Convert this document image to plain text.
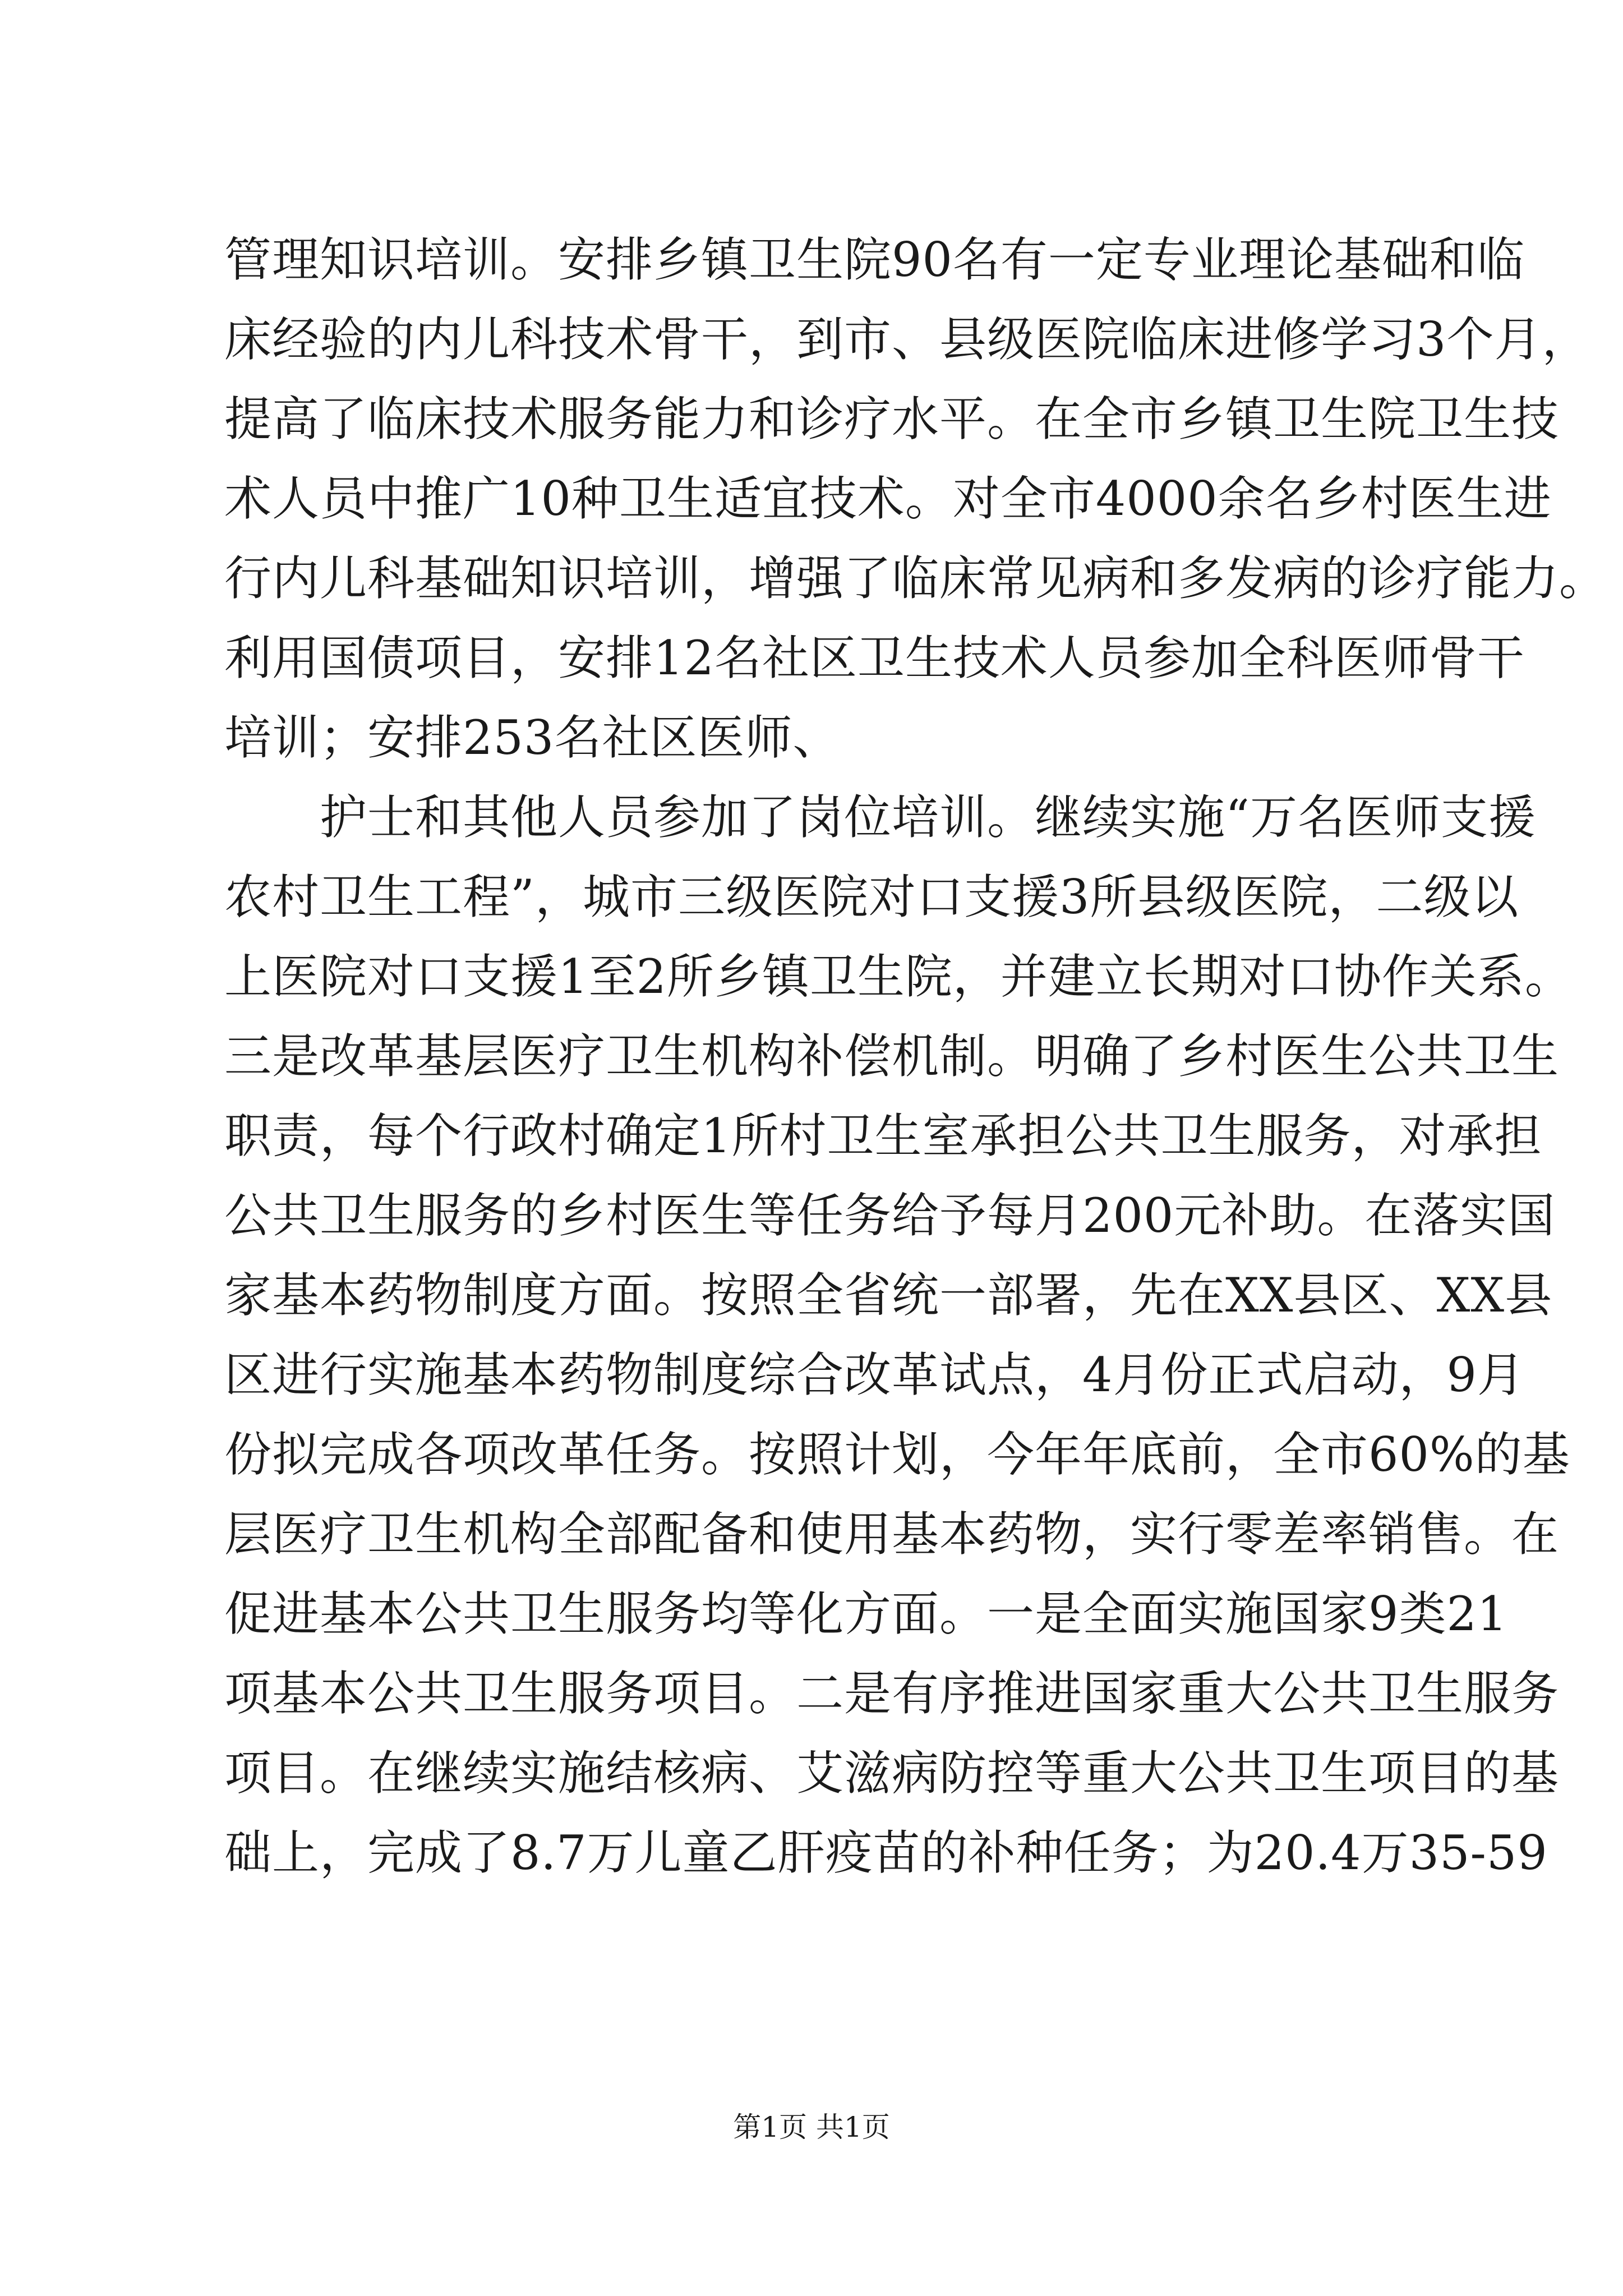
管理知识培训。安排乡镇卫生院90名有一定专业理论基础和临
床经验的内儿科技术骨干，到市、县级医院临床进修学习3个月，
提高了临床技术服务能力和诊疗水平。在全市乡镇卫生院卫生技
术人员中推广10种卫生适宜技术。对全市4000余名乡村医生进
行内儿科基础知识培训，增强了临床常见病和多发病的诊疗能力。
利用国债项目，安排12名社区卫生技术人员参加全科医师骨干
培训；安排253名社区医师、
护士和其他人员参加了岗位培训。继续实施“万名医师支援
农村卫生工程”，城市三级医院对口支援3所县级医院，二级以
上医院对口支援1至2所乡镇卫生院，并建立长期对口协作关系。
三是改革基层医疗卫生机构补偿机制。明确了乡村医生公共卫生
职责，每个行政村确定1所村卫生室承担公共卫生服务，对承担
公共卫生服务的乡村医生等任务给予每月200元补助。在落实国
家基本药物制度方面。按照全省统一部署，先在XX县区、XX县
区进行实施基本药物制度综合改革试点，4月份正式启动，9月
份拟完成各项改革任务。按照计划，今年年底前，全市60%的基
层医疗卫生机构全部配备和使用基本药物，实行零差率销售。在
促进基本公共卫生服务均等化方面。一是全面实施国家9类21
项基本公共卫生服务项目。二是有序推进国家重大公共卫生服务
项目。在继续实施结核病、艾滋病防控等重大公共卫生项目的基
础上，完成了8.7万儿童乙肝疫苗的补种任务；为20.4万35-59
第1页 共1页
